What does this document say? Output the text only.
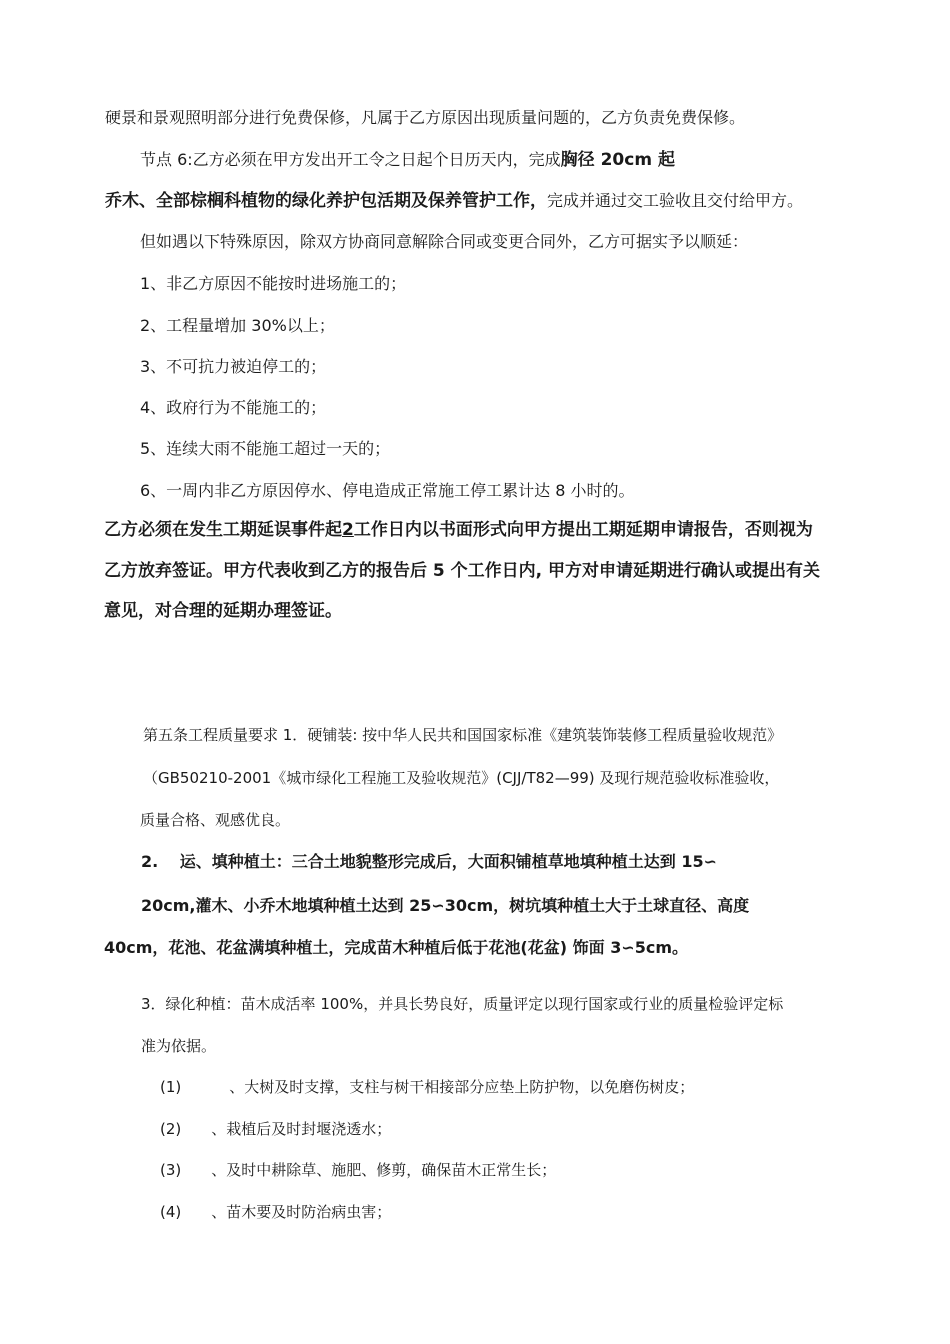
硬景和景观照明部分进行免费保修，凡属于乙方原因出现质量问题的，乙方负责免费保修。
节点 6:乙方必须在甲方发出开工令之日起个日历天内，完成胸径 20cm 起
乔木、全部棕榈科植物的绿化养护包活期及保养管护工作，完成并通过交工验收且交付给甲方。
但如遇以下特殊原因，除双方协商同意解除合同或变更合同外，乙方可据实予以顺延：
1、非乙方原因不能按时进场施工的；
2、工程量增加 30%以上；
3、不可抗力被迫停工的；
4、政府行为不能施工的；
5、连续大雨不能施工超过一天的；
6、一周内非乙方原因停水、停电造成正常施工停工累计达 8 小时的。
乙方必须在发生工期延误事件起2工作日内以书面形式向甲方提出工期延期申请报告，否则视为
乙方放弃签证。甲方代表收到乙方的报告后 5 个工作日内, 甲方对申请延期进行确认或提出有关
意见，对合理的延期办理签证。
第五条工程质量要求 1．硬铺装: 按中华人民共和国国家标准《建筑装饰装修工程质量验收规范》
（GB50210-2001《城市绿化工程施工及验收规范》(CJJ/T82—99) 及现行规范验收标准验收，
质量合格、观感优良。
2.　 运、填种植土：三合土地貌整形完成后，大面积铺植草地填种植土达到 15∽
20cm,灌木、小乔木地填种植土达到 25∽30cm，树坑填种植土大于土球直径、高度
40cm，花池、花盆满填种植土，完成苗木种植后低于花池(花盆) 饰面 3∽5cm。
3．绿化种植：苗木成活率 100%，并具长势良好，质量评定以现行国家或行业的质量检验评定标
准为依据。
(1)	、大树及时支撑，支柱与树干相接部分应垫上防护物，以免磨伤树皮；
(2) 、栽植后及时封堰浇透水；
(3) 、及时中耕除草、施肥、修剪，确保苗木正常生长；
(4) 、苗木要及时防治病虫害；
